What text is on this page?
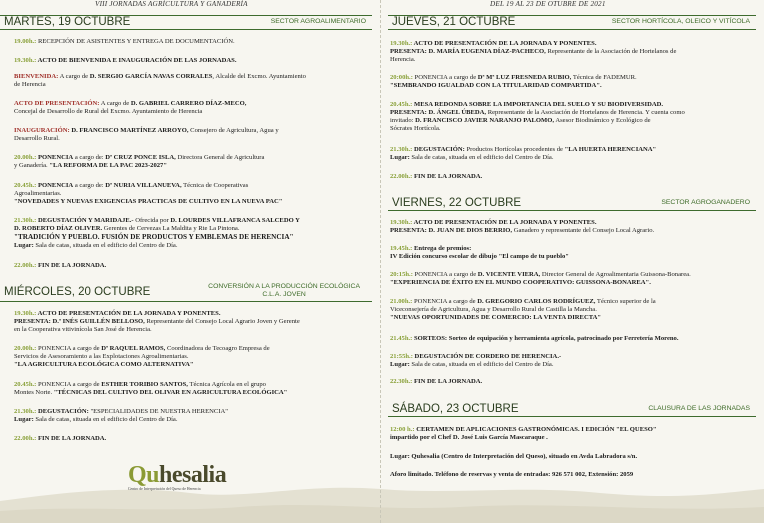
VIII JORNADAS AGRÍCULTURA Y GANADERÍA
MARTES, 19 OCTUBRE	SECTOR AGROALIMENTARIO
19.00h.: RECEPCIÓN DE ASISTENTES Y ENTREGA DE DOCUMENTACIÓN.
19.30h.: ACTO DE BIENVENIDA E INAUGURACIÓN DE LAS JORNADAS.
BIENVENIDA: A cargo de D. SERGIO GARCÍA NAVAS CORRALES, Alcalde del Excmo. Ayuntamiento
de Herencia
ACTO DE PRESENTACIÓN: A cargo de D. GABRIEL CARRERO DÍAZ-MECO,
Concejal de Desarrollo de Rural del Excmo. Ayuntamiento de Herencia
INAUGURACIÓN: D. FRANCISCO MARTÍNEZ ARROYO, Consejero de Agricultura, Agua y
Desarrollo Rural.
20.00h.: PONENCIA a cargo de: Dª CRUZ PONCE ISLA, Directora General de Agricultura
y Ganadería. "LA REFORMA DE LA PAC 2023-2027"
20.45h.: PONENCIA a cargo de: Dª NURIA VILLANUEVA, Técnica de Cooperativas
Agroalimentarias.
"NOVEDADES Y NUEVAS EXIGENCIAS PRACTICAS DE CULTIVO EN LA NUEVA PAC"
21.30h.: DEGUSTACIÓN Y MARIDAJE.- Ofrecida por D. LOURDES VILLAFRANCA SALCEDO Y
D. ROBERTO DÍAZ OLIVER. Gerentes de Cervezas La Maldita y Rte La Pintona.
"TRADICIÓN Y PUEBLO. FUSIÓN DE PRODUCTOS Y EMBLEMAS DE HERENCIA"
Lugar: Sala de catas, situada en el edificio del Centro de Día.
22.00h.: FIN DE LA JORNADA.
MIÉRCOLES, 20 OCTUBRE	CONVERSIÓN A LA PRODUCCIÓN ECOLÓGICA
C.L.A. JOVEN
19.30h.: ACTO DE PRESENTACIÓN DE LA JORNADA Y PONENTES.
PRESENTA: D.ª INÉS GUILLÉN BELLOSO, Representante del Consejo Local Agrario Joven y Gerente
en la Cooperativa vitivinícola San José de Herencia.
20.00h.: PONENCIA a cargo de Dª RAQUEL RAMOS, Coordinadora de Tecoagro Empresa de
Servicios de Asesoramiento a las Explotaciones Agroalimentarias.
"LA AGRICULTURA ECOLÓGICA COMO ALTERNATIVA"
20.45h.: PONENCIA a cargo de ESTHER TORIBIO SANTOS, Técnica Agrícola en el grupo
Montes Norte. "TÉCNICAS DEL CULTIVO DEL OLIVAR EN AGRICULTURA ECOLÓGICA"
21.30h.: DEGUSTACIÓN: "ESPECIALIDADES DE NUESTRA HERENCIA"
Lugar: Sala de catas, situada en el edificio del Centro de Día.
22.00h.: FIN DE LA JORNADA.
Quhesalia
Centro de Interpretación del Queso de Herencia
DEL 19 AL 23 DE OTUBRE DE 2021
JUEVES, 21 OCTUBRE	SECTOR HORTÍCOLA, OLEICO Y VITÍCOLA
19.30h.: ACTO DE PRESENTACIÓN DE LA JORNADA Y PONENTES.
PRESENTA: D. MARÍA EUGENIA DÍAZ-PACHECO, Representante de la Asociación de Hortelanos de
Herencia.
20:00h.: PONENCIA a cargo de Dª Mª LUZ FRESNEDA RUBIO, Técnica de FADEMUR.
"SEMBRANDO IGUALDAD CON LA TITULARIDAD COMPARTIDA".
20.45h.: MESA REDONDA SOBRE LA IMPORTANCIA DEL SUELO Y SU BIODIVERSIDAD.
PRESENTA: D. ÁNGEL ÚBEDA, Representante de la Asociación de Hortelanos de Herencia. Y cuenta como
invitado: D. FRANCISCO JAVIER NARANJO PALOMO, Asesor Biodinámico y Ecológico de
Sócrates Hortícola.
21.30h.: DEGUSTACIÓN: Productos Hortícolas procedentes de "LA HUERTA HERENCIANA"
Lugar: Sala de catas, situada en el edificio del Centro de Día.
22.00h.: FIN DE LA JORNADA.
VIERNES, 22 OCTUBRE	SECTOR AGROGANADERO
19.30h.: ACTO DE PRESENTACIÓN DE LA JORNADA Y PONENTES.
PRESENTA: D. JUAN DE DIOS BERRIO, Ganadero y representante del Consejo Local Agrario.
19.45h.: Entrega de premios:
IV Edición concurso escolar de dibujo "El campo de tu pueblo"
20:15h.: PONENCIA a cargo de D. VICENTE VIERA, Director General de Agroalimentaria Guissona-Bonarea.
"EXPERIENCIA DE ÉXITO EN EL MUNDO COOPERATIVO: GUISSONA-BONAREA".
21.00h.: PONENCIA a cargo de D. GREGORIO CARLOS RODRÍGUEZ, Técnico superior de la
Viceconsejería de Agricultura, Agua y Desarrollo Rural de Castilla la Mancha.
"NUEVAS OPORTUNIDADES DE COMERCIO: LA VENTA DIRECTA"
21.45h.: SORTEOS: Sorteo de equipación y herramienta agrícola, patrocinado por Ferretería Moreno.
21:55h.: DEGUSTACIÓN DE CORDERO DE HERENCIA.-
Lugar: Sala de catas, situada en el edificio del Centro de Día.
22.30h.: FIN DE LA JORNADA.
SÁBADO, 23 OCTUBRE	CLAUSURA DE LAS JORNADAS
12:00 h.: CERTAMEN DE APLICACIONES GASTRONÓMICAS. I EDICIÓN "EL QUESO"
impartido por el Chef D. José Luis García Mascaraque .
Lugar: Quhesalia (Centro de Interpretación del Queso), situado en Avda Labradora s/n.
Aforo limitado. Teléfono de reservas y venta de entradas: 926 571 002, Extensión: 2059
